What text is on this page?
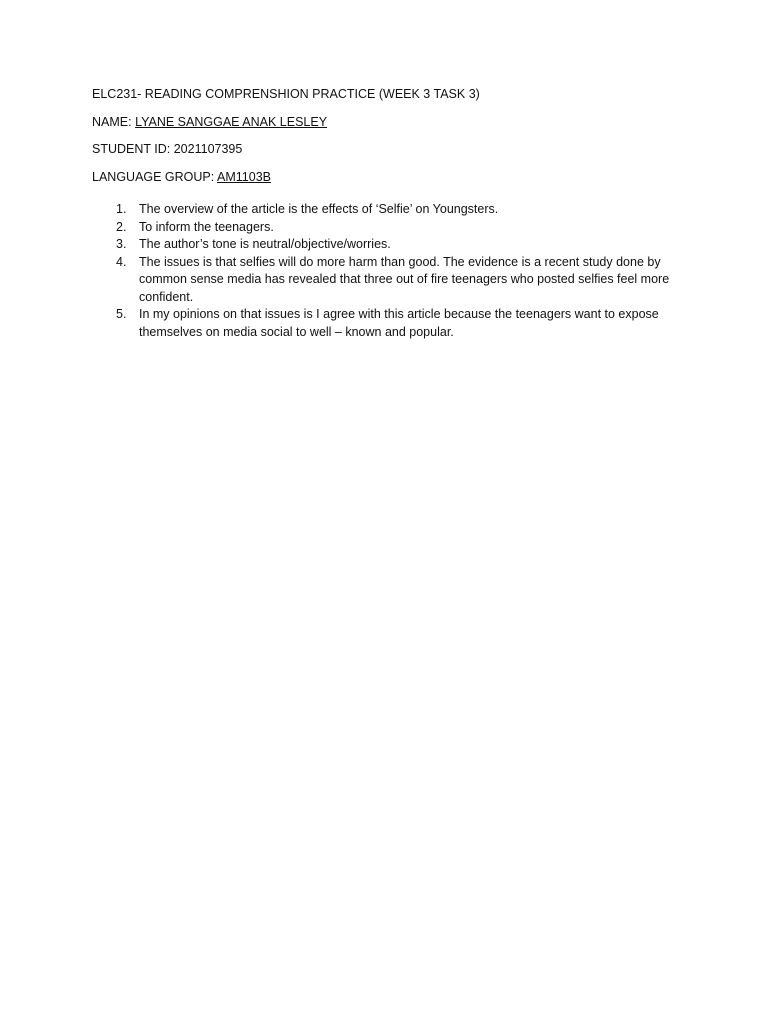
ELC231- READING COMPRENSHION PRACTICE (WEEK 3 TASK 3)

NAME: LYANE SANGGAE ANAK LESLEY

STUDENT ID: 2021107395

LANGUAGE GROUP: AM1103B

1. The overview of the article is the effects of ‘Selfie’ on Youngsters.
2. To inform the teenagers.
3. The author’s tone is neutral/objective/worries.
4. The issues is that selfies will do more harm than good. The evidence is a recent study done by common sense media has revealed that three out of fire teenagers who posted selfies feel more confident.
5. In my opinions on that issues is I agree with this article because the teenagers want to expose themselves on media social to well – known and popular.
